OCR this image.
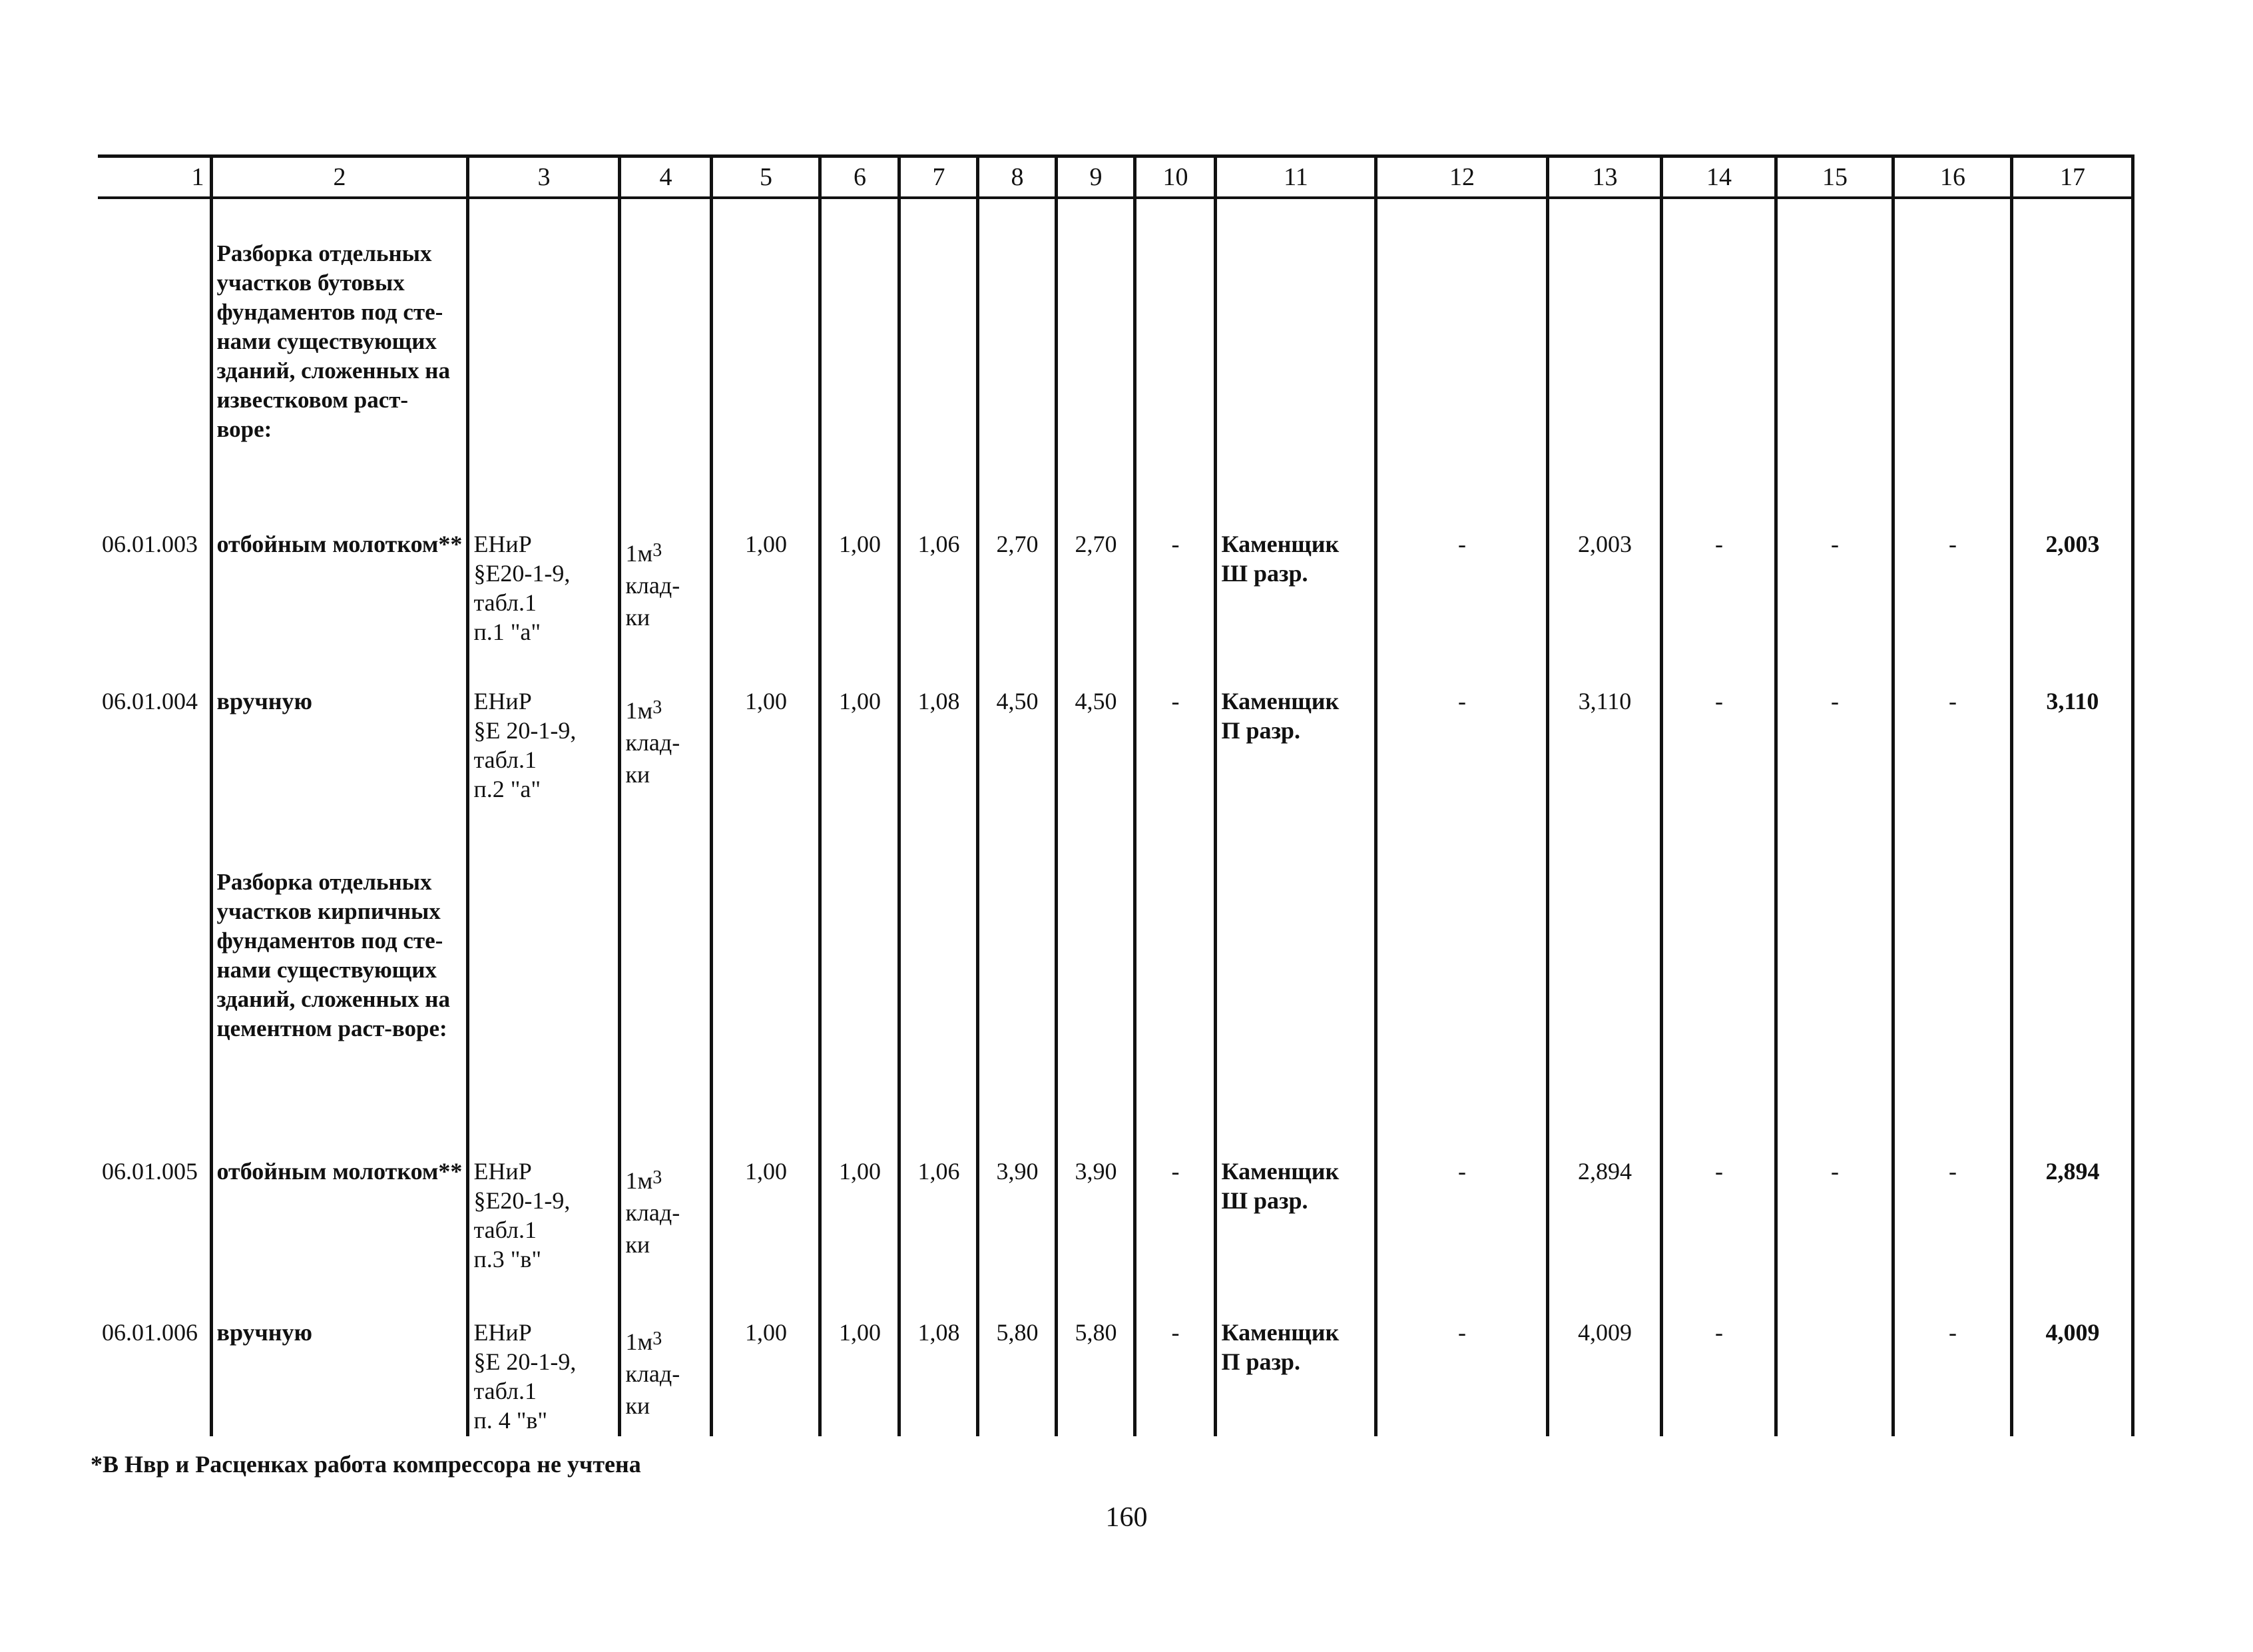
1	2	3	4	5	6	7	8	9	10	11	12	13	14	15	16	17
	Разборка отдельных участков бутовых фундаментов под сте-нами существующих зданий, сложенных на известковом раст-воре:															
06.01.003	отбойным молотком**	ЕНиР
§Е20-1-9,
табл.1
п.1 "а"	$1м^3$
клад-
ки	1,00	1,00	1,06	2,70	2,70	-	Каменщик
Ш разр.	-	2,003	-	-	-	2,003
06.01.004	вручную	ЕНиР
§Е 20-1-9,
табл.1
п.2 "а"	$1м^3$
клад-
ки	1,00	1,00	1,08	4,50	4,50	-	Каменщик
П разр.	-	3,110	-	-	-	3,110
	Разборка отдельных участков кирпичных фундаментов под сте-нами существующих зданий, сложенных на цементном раст-воре:															
06.01.005	отбойным молотком**	ЕНиР
§Е20-1-9,
табл.1
п.3 "в"	$1м^3$
клад-
ки	1,00	1,00	1,06	3,90	3,90	-	Каменщик
Ш разр.	-	2,894	-	-	-	2,894
06.01.006	вручную	ЕНиР
§Е 20-1-9,
табл.1
п. 4 "в"	$1м^3$
клад-
ки	1,00	1,00	1,08	5,80	5,80	-	Каменщик
П разр.	-	4,009	-		-	4,009
*В Нвр и Расценках работа компрессора не учтена
160
